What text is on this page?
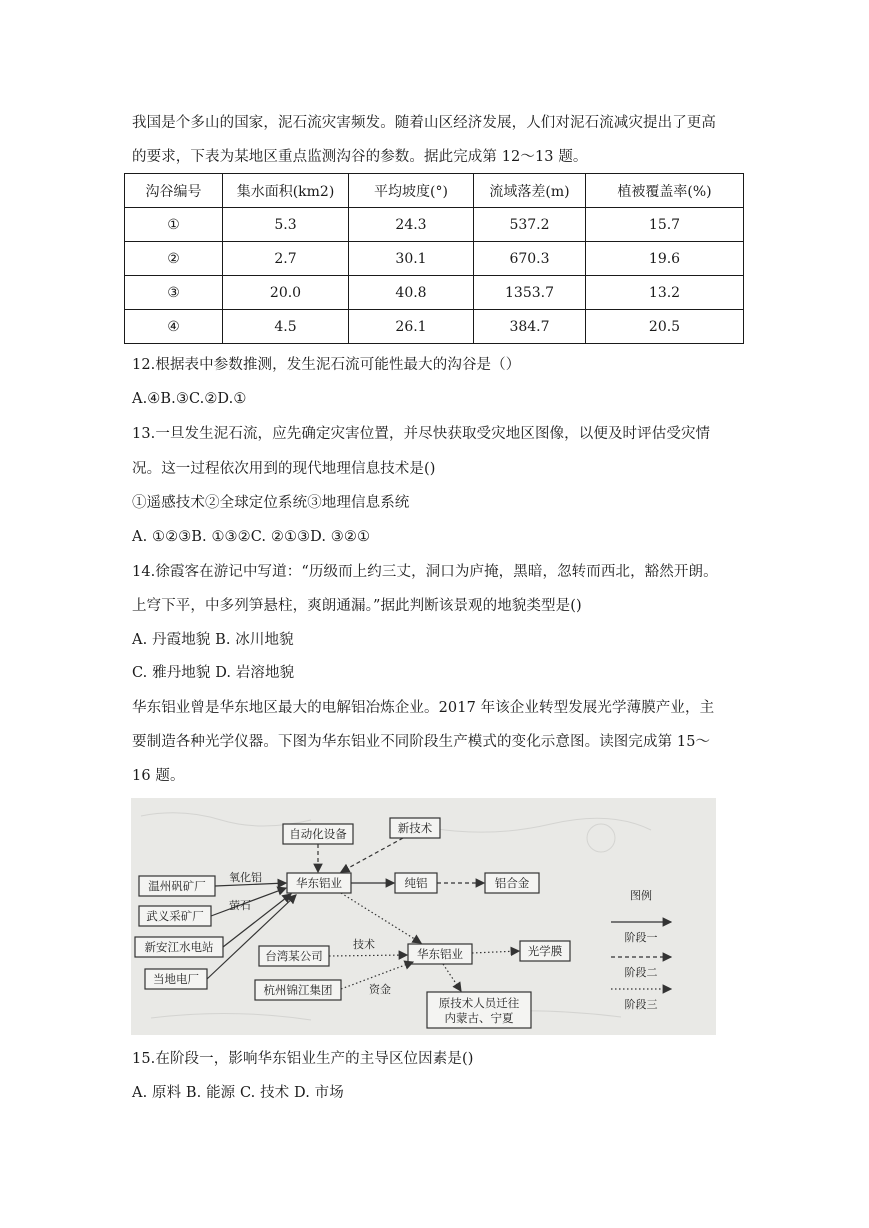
我国是个多山的国家，泥石流灾害频发。随着山区经济发展，人们对泥石流减灾提出了更高
的要求，下表为某地区重点监测沟谷的参数。据此完成第 12～13 题。
沟谷编号	集水面积(km2)	平均坡度(°)	流域落差(m)	植被覆盖率(%)
①	5.3	24.3	537.2	15.7
②	2.7	30.1	670.3	19.6
③	20.0	40.8	1353.7	13.2
④	4.5	26.1	384.7	20.5
12.根据表中参数推测，发生泥石流可能性最大的沟谷是（）
A.④B.③C.②D.①
13.一旦发生泥石流，应先确定灾害位置，并尽快获取受灾地区图像，以便及时评估受灾情
况。这一过程依次用到的现代地理信息技术是()
①遥感技术②全球定位系统③地理信息系统
A. ①②③B. ①③②C. ②①③D. ③②①
14.徐霞客在游记中写道：“历级而上约三丈，洞口为庐掩，黑暗，忽转而西北，豁然开朗。
上穹下平，中多列笋悬柱，爽朗通漏。”据此判断该景观的地貌类型是()
A. 丹霞地貌 B. 冰川地貌
C. 雅丹地貌 D. 岩溶地貌
华东铝业曾是华东地区最大的电解铝冶炼企业。2017 年该企业转型发展光学薄膜产业，主
要制造各种光学仪器。下图为华东铝业不同阶段生产模式的变化示意图。读图完成第 15～
16 题。
自动化设备	新技术
温州矾矿厂
武义采矿厂
新安江水电站
当地电厂
华东铝业	纯铝	铝合金
台湾某公司
杭州锦江集团
华东铝业	光学膜
原技术人员迁往
内蒙古、宁夏
氧化铝
萤石
技术
资金
图例
阶段一
阶段二
阶段三
15.在阶段一，影响华东铝业生产的主导区位因素是()
A. 原料 B. 能源 C. 技术 D. 市场
